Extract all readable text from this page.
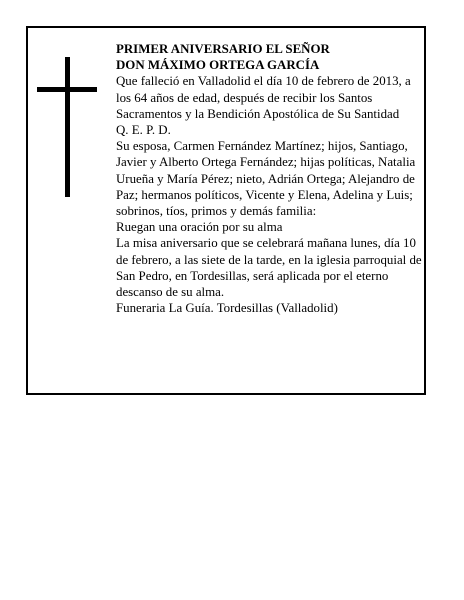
PRIMER ANIVERSARIO EL SEÑOR

DON MÁXIMO ORTEGA GARCÍA

Que falleció en Valladolid el día 10 de febrero de 2013, a los 64 años de edad, después de recibir los Santos Sacramentos y la Bendición Apostólica de Su Santidad

Q. E. P. D.

Su esposa, Carmen Fernández Martínez; hijos, Santiago, Javier y Alberto Ortega Fernández; hijas políticas, Natalia Urueña y María Pérez; nieto, Adrián Ortega; Alejandro de Paz; hermanos políticos, Vicente y Elena, Adelina y Luis; sobrinos, tíos, primos y demás familia:

Ruegan una oración por su alma

La misa aniversario que se celebrará mañana lunes, día 10 de febrero, a las siete de la tarde, en la iglesia parroquial de San Pedro, en Tordesillas, será aplicada por el eterno descanso de su alma.

Funeraria La Guía. Tordesillas (Valladolid)
